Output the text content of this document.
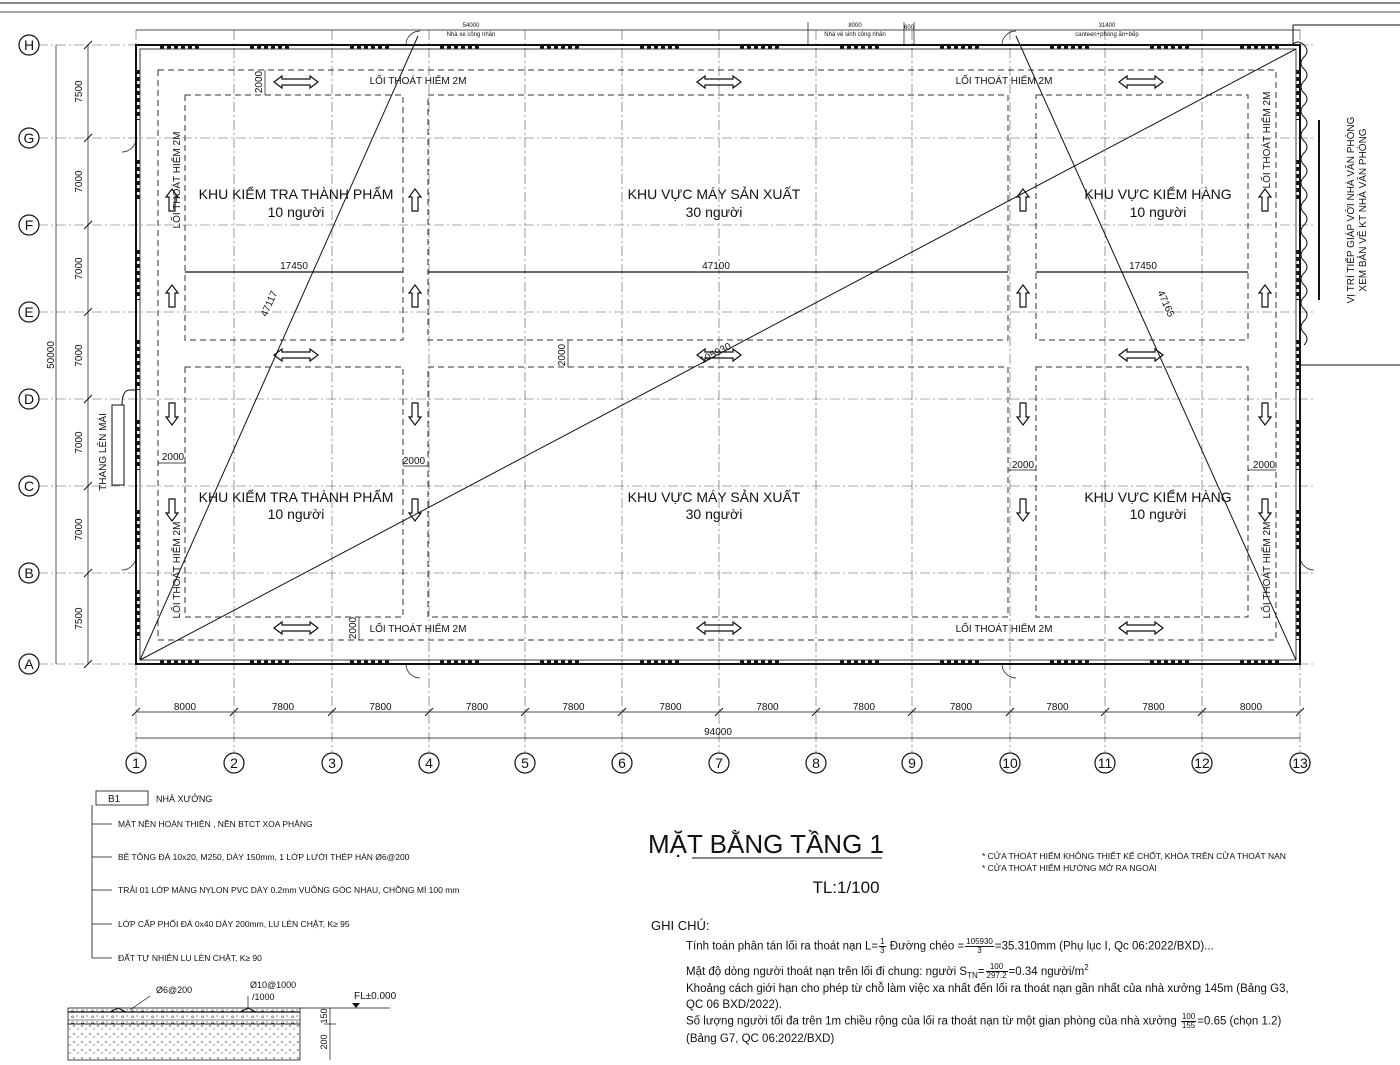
54000
Nhà xe công nhân
8000
Nhà vệ sinh công nhân
600	31400
canteen+phòng ăn+bếp
7500
7000
7000
7000
7000
7000
7500
50000
8000	7800	7800	7800	7800	7800	7800	7800	7800	7800	7800	8000
94000
H
G
F
E
D
C
B
A
1	2	3	4	5	6	7	8	9	10	11	12	13
KHU KIỂM TRA THÀNH PHẨM
10 người
KHU VỰC MÁY SẢN XUẤT
30 người
KHU VỰC KIỂM HÀNG
10 người
KHU KIỂM TRA THÀNH PHẨM
10 người
KHU VỰC MÁY SẢN XUẤT
30 người
KHU VỰC KIỂM HÀNG
10 người
LỐI THOÁT HIỂM 2M	LỐI THOÁT HIỂM 2M
LỐI THOÁT HIỂM 2M	LỐI THOÁT HIỂM 2M
LỐI THOÁT HIỂM 2M
LỐI THOÁT HIỂM 2M
LỐI THOÁT HIỂM 2M
LỐI THOÁT HIỂM 2M
17450	47100	17450
2000	2000	2000	2000
2000
2000
2000
105930
47117	47165
THANG LÊN MÁI
VỊ TRÍ TIẾP GIÁP VỚI NHÀ VĂN PHÒNG XEM BẢN VẼ KT NHÀ VĂN PHÒNG
MẶT BẰNG TẦNG 1
TL:1/100
* CỬA THOÁT HIỂM KHÔNG THIẾT KẾ CHỐT, KHÓA TRÊN CỬA THOÁT NẠN
* CỬA THOÁT HIỂM HƯỚNG MỞ RA NGOÀI
B1	NHÀ XƯỞNG
MẶT NỀN HOÀN THIỆN , NỀN BTCT XOA PHẲNG
BÊ TÔNG ĐÁ 10x20, M250, DÀY 150mm, 1 LỚP LƯỚI THÉP HÀN Ø6@200
TRẢI 01 LỚP MÀNG NYLON PVC DÀY 0.2mm VUÔNG GÓC NHAU, CHỒNG MÍ 100 mm
LỚP CẤP PHỐI ĐÁ 0x40 DÀY 200mm, LU LÈN CHẶT, K≥ 95
ĐẤT TỰ NHIÊN LU LÈN CHẶT, K≥ 90
Ø6@200	Ø10@1000
/1000	FL±0.000
150
200
GHI CHÚ:
Tính toán phân tán lối ra thoát nạn $L= \frac{1}{3}$ Đường chéo = $\frac{105930}{3} =35.310mm$ (Phụ lục I, Qc 06:2022/BXD)...
Mật độ dòng người thoát nạn trên lối đi chung: người $S_{TN}= \frac{100}{297.2} =0.34$ người/$m^2$
Khoảng cách giới hạn cho phép từ chỗ làm việc xa nhất đến lối ra thoát nạn gần nhất của nhà xưởng 145m (Bảng G3,
QC 06 BXD/2022).
Số lượng người tối đa trên 1m chiều rộng của lối ra thoát nạn từ một gian phòng của nhà xưởng $\frac{100}{155} =0.65$ (chọn 1.2)
(Bảng G7, QC 06:2022/BXD)
